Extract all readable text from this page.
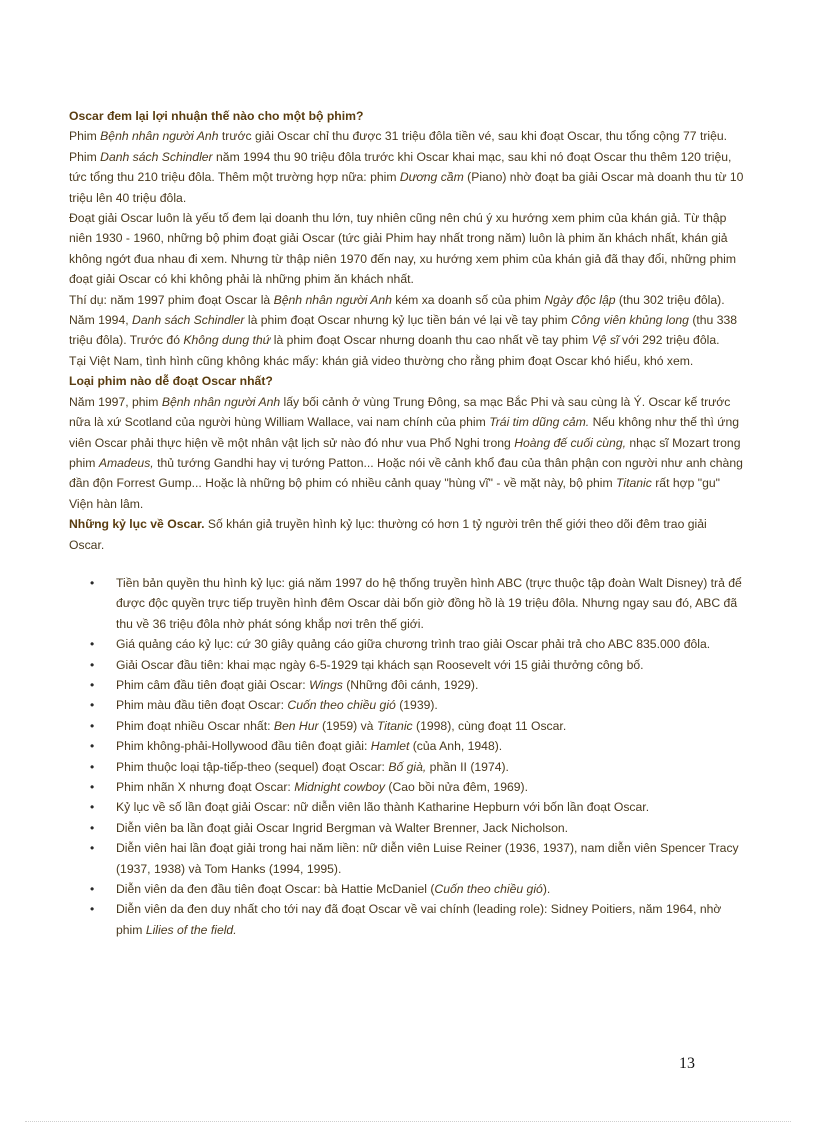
Oscar đem lại lợi nhuận thế nào cho một bộ phim?

Phim Bệnh nhân người Anh trước giải Oscar chỉ thu được 31 triệu đôla tiền vé, sau khi đoạt Oscar, thu tổng cộng 77 triệu. Phim Danh sách Schindler năm 1994 thu 90 triệu đôla trước khi Oscar khai mạc, sau khi nó đoạt Oscar thu thêm 120 triệu, tức tổng thu 210 triệu đôla. Thêm một trường hợp nữa: phim Dương cầm (Piano) nhờ đoạt ba giải Oscar mà doanh thu từ 10 triệu lên 40 triệu đôla.

Đoạt giải Oscar luôn là yếu tố đem lại doanh thu lớn, tuy nhiên cũng nên chú ý xu hướng xem phim của khán giả. Từ thập niên 1930 - 1960, những bộ phim đoạt giải Oscar (tức giải Phim hay nhất trong năm) luôn là phim ăn khách nhất, khán giả không ngớt đua nhau đi xem. Nhưng từ thập niên 1970 đến nay, xu hướng xem phim của khán giả đã thay đổi, những phim đoạt giải Oscar có khi không phải là những phim ăn khách nhất.

Thí dụ: năm 1997 phim đoạt Oscar là Bệnh nhân người Anh kém xa doanh số của phim Ngày độc lập (thu 302 triệu đôla). Năm 1994, Danh sách Schindler là phim đoạt Oscar nhưng kỷ lục tiền bán vé lại về tay phim Công viên khủng long (thu 338 triệu đôla). Trước đó Không dung thứ là phim đoạt Oscar nhưng doanh thu cao nhất về tay phim Vệ sĩ với 292 triệu đôla.

Tại Việt Nam, tình hình cũng không khác mấy: khán giả video thường cho rằng phim đoạt Oscar khó hiểu, khó xem.

Loại phim nào dễ đoạt Oscar nhất?

Năm 1997, phim Bệnh nhân người Anh lấy bối cảnh ở vùng Trung Đông, sa mạc Bắc Phi và sau cùng là Ý. Oscar kế trước nữa là xứ Scotland của người hùng William Wallace, vai nam chính của phim Trái tim dũng cảm. Nếu không như thế thì ứng viên Oscar phải thực hiện về một nhân vật lịch sử nào đó như vua Phổ Nghi trong Hoàng đế cuối cùng, nhạc sĩ Mozart trong phim Amadeus, thủ tướng Gandhi hay vị tướng Patton... Hoặc nói về cảnh khổ đau của thân phận con người như anh chàng đần độn Forrest Gump... Hoặc là những bộ phim có nhiều cảnh quay "hùng vĩ" - về mặt này, bộ phim Titanic rất hợp "gu" Viện hàn lâm.

Những kỷ lục về Oscar. Số khán giả truyền hình kỷ lục: thường có hơn 1 tỷ người trên thế giới theo dõi đêm trao giải Oscar.

• Tiền bản quyền thu hình kỷ lục: giá năm 1997 do hệ thống truyền hình ABC (trực thuộc tập đoàn Walt Disney) trả để được độc quyền trực tiếp truyền hình đêm Oscar dài bốn giờ đồng hồ là 19 triệu đôla. Nhưng ngay sau đó, ABC đã thu về 36 triệu đôla nhờ phát sóng khắp nơi trên thế giới.
• Giá quảng cáo kỷ lục: cứ 30 giây quảng cáo giữa chương trình trao giải Oscar phải trả cho ABC 835.000 đôla.
• Giải Oscar đầu tiên: khai mạc ngày 6-5-1929 tại khách sạn Roosevelt với 15 giải thưởng công bố.
• Phim câm đầu tiên đoạt giải Oscar: Wings (Những đôi cánh, 1929).
• Phim màu đầu tiên đoạt Oscar: Cuốn theo chiều gió (1939).
• Phim đoạt nhiều Oscar nhất: Ben Hur (1959) và Titanic (1998), cùng đoạt 11 Oscar.
• Phim không-phải-Hollywood đầu tiên đoạt giải: Hamlet (của Anh, 1948).
• Phim thuộc loại tập-tiếp-theo (sequel) đoạt Oscar: Bố già, phần II (1974).
• Phim nhãn X nhưng đoạt Oscar: Midnight cowboy (Cao bồi nửa đêm, 1969).
• Kỷ lục về số lần đoạt giải Oscar: nữ diễn viên lão thành Katharine Hepburn với bốn lần đoạt Oscar.
• Diễn viên ba lần đoạt giải Oscar Ingrid Bergman và Walter Brenner, Jack Nicholson.
• Diễn viên hai lần đoạt giải trong hai năm liền: nữ diễn viên Luise Reiner (1936, 1937), nam diễn viên Spencer Tracy (1937, 1938) và Tom Hanks (1994, 1995).
• Diễn viên da đen đầu tiên đoạt Oscar: bà Hattie McDaniel (Cuốn theo chiều gió).
• Diễn viên da đen duy nhất cho tới nay đã đoạt Oscar về vai chính (leading role): Sidney Poitiers, năm 1964, nhờ phim Lilies of the field.
13
